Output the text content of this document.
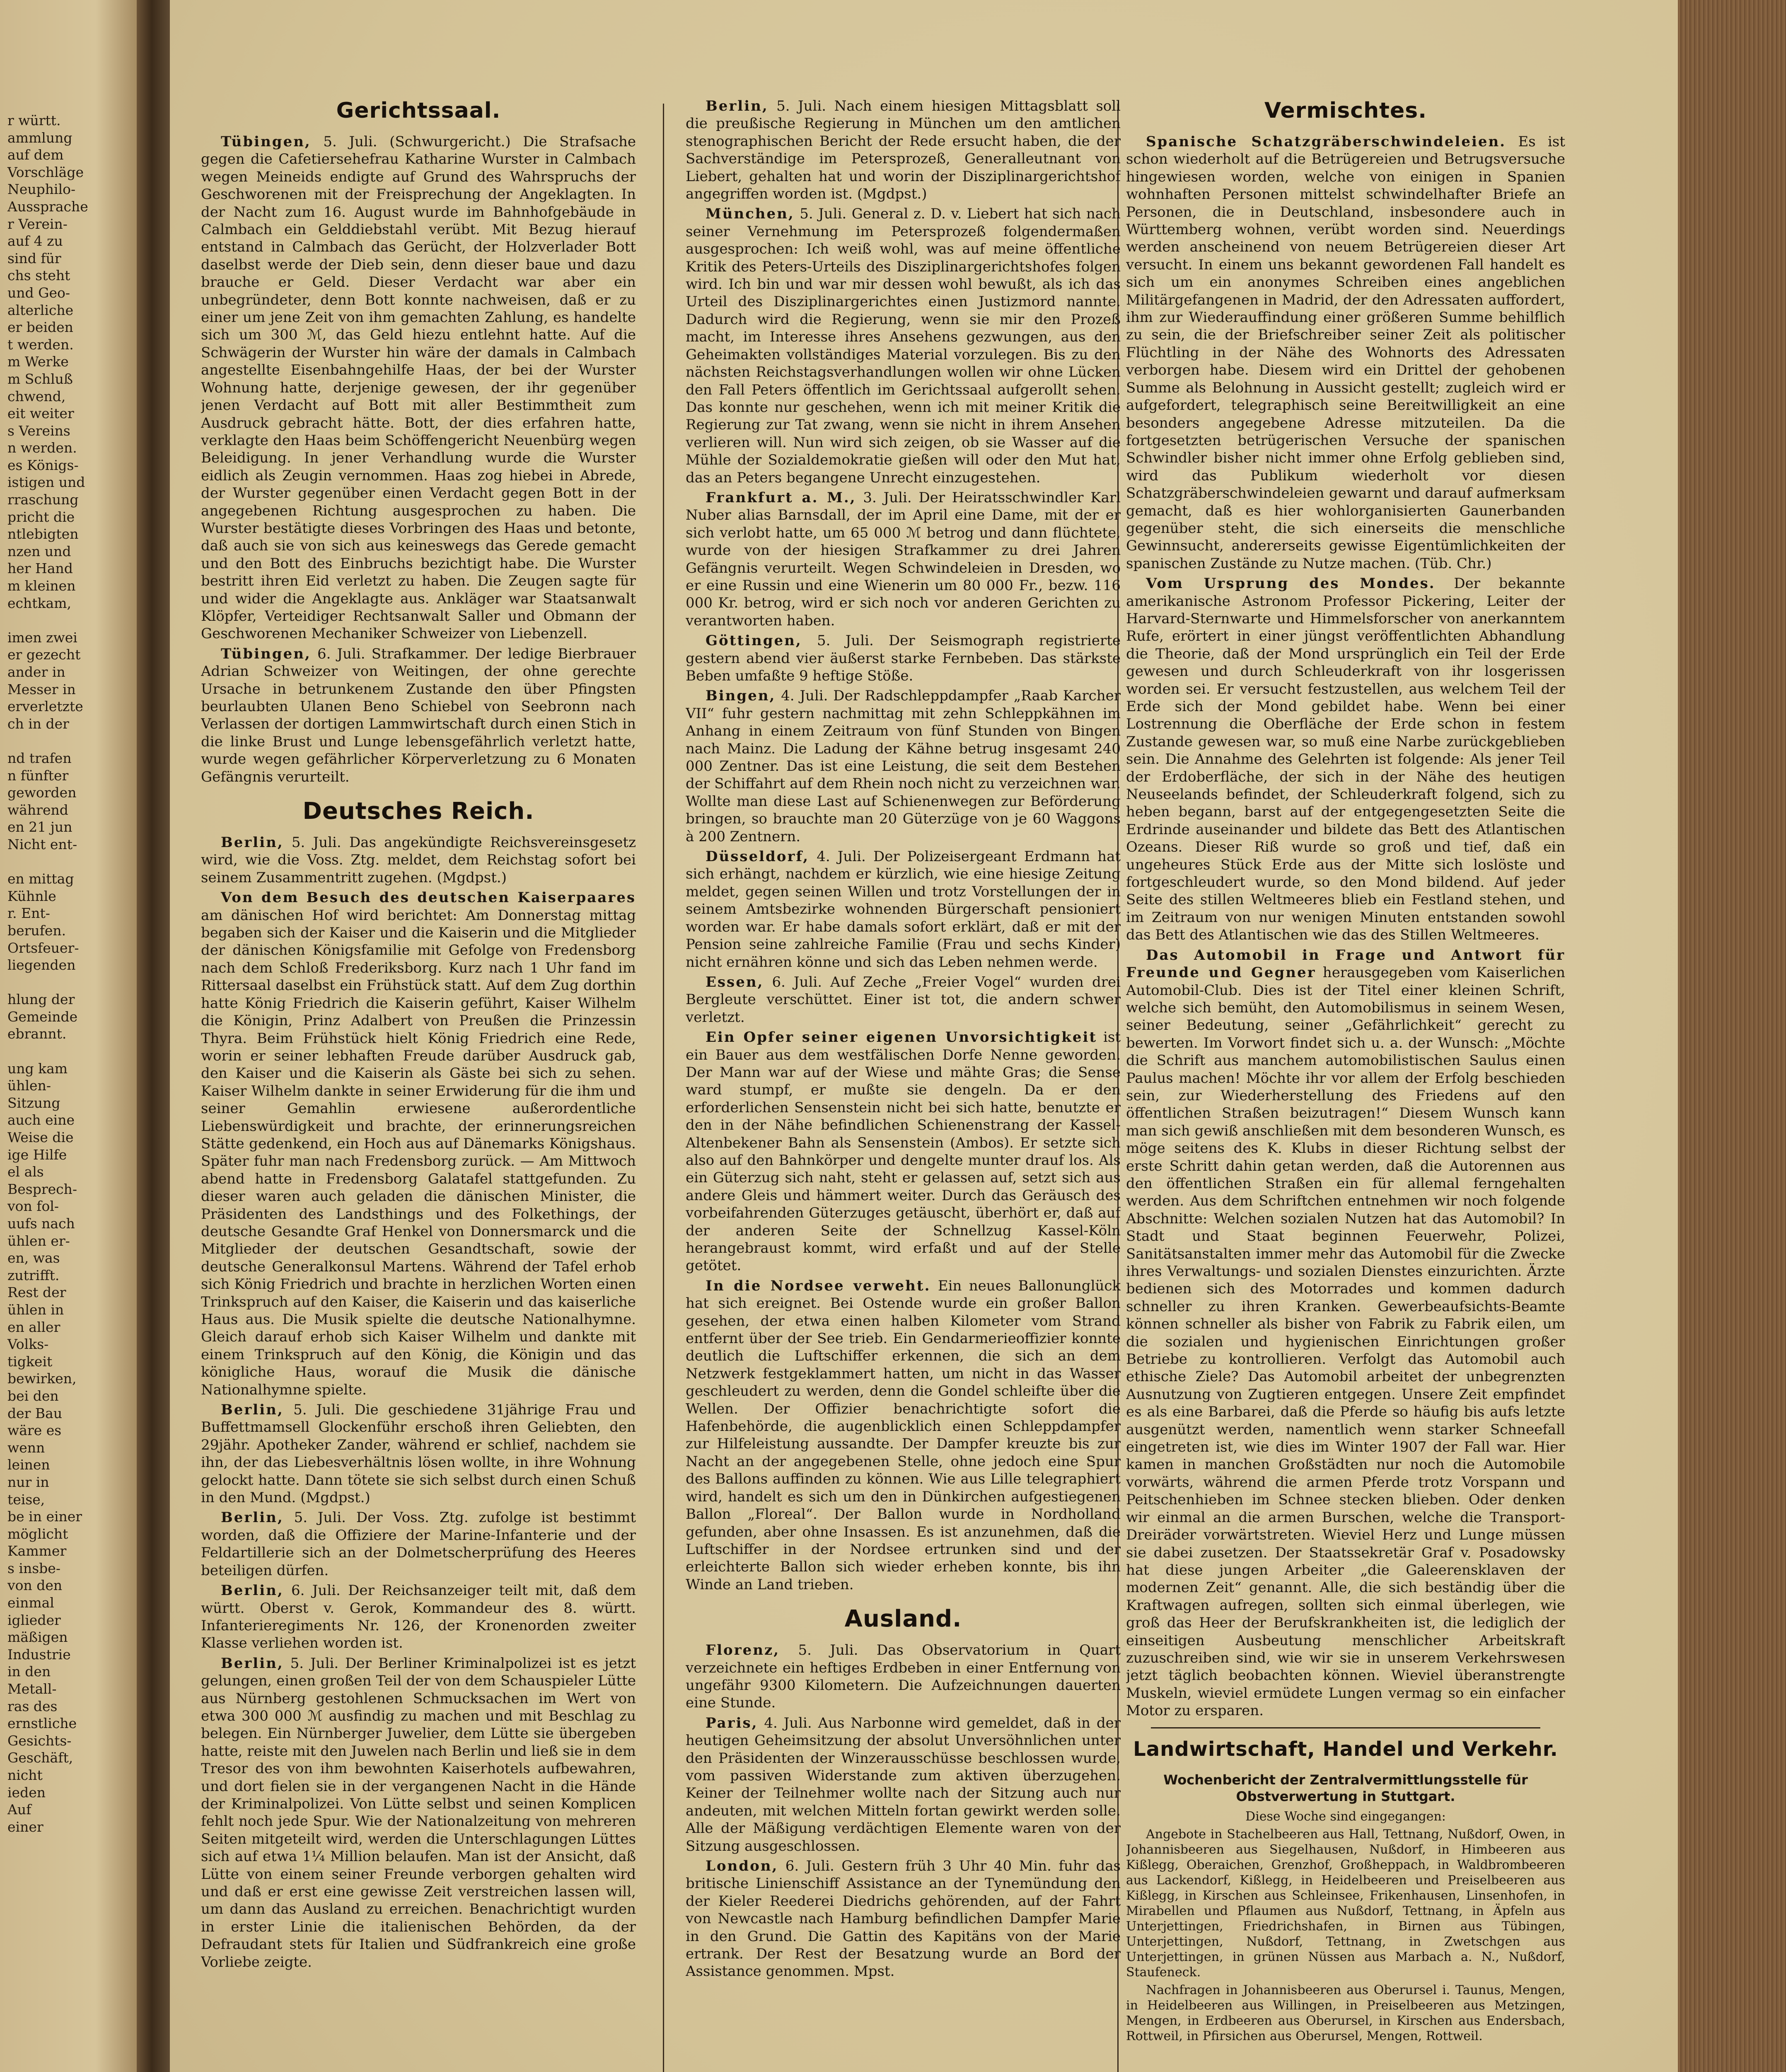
r württ.
ammlung
auf dem
Vorschläge
Neuphilo-
Aussprache
r Verein-
auf 4 zu
sind für
chs steht
und Geo-
alterliche
er beiden
t werden.
m Werke
m Schluß
chwend,
eit weiter
s Vereins
n werden.
es Königs-
istigen und
rraschung
pricht die
ntlebigten
nzen und
her Hand
m kleinen
echtkam,
imen zwei
er gezecht
ander in
Messer in
erverletzte
ch in der
nd trafen
n fünfter
geworden
während
en 21 jun
Nicht ent-
en mittag
Kühnle
r. Ent-
berufen.
Ortsfeuer-
liegenden
hlung der
Gemeinde
ebrannt.
ung kam
ühlen-
Sitzung
auch eine
Weise die
ige Hilfe
el als
Besprech-
von fol-
uufs nach
ühlen er-
en, was
zutrifft.
Rest der
ühlen in
en aller
Volks-
tigkeit
bewirken,
bei den
der Bau
wäre es
wenn
leinen
nur in
teise,
be in einer
möglicht
Kammer
s insbe-
von den
einmal
iglieder
mäßigen
Industrie
in den
Metall-
ras des
ernstliche
Gesichts-
Geschäft,
nicht
ieden
Auf
einer
Gerichtssaal.
Tübingen, 5. Juli. (Schwurgericht.) Die Strafsache gegen die Cafetiersehefrau Katharine Wurster in Calmbach wegen Meineids endigte auf Grund des Wahrspruchs der Geschworenen mit der Freisprechung der Angeklagten. In der Nacht zum 16. August wurde im Bahnhofgebäude in Calmbach ein Gelddiebstahl verübt. Mit Bezug hierauf entstand in Calmbach das Gerücht, der Holzverlader Bott daselbst werde der Dieb sein, denn dieser baue und dazu brauche er Geld. Dieser Verdacht war aber ein unbegründeter, denn Bott konnte nachweisen, daß er zu einer um jene Zeit von ihm gemachten Zahlung, es handelte sich um 300 ℳ, das Geld hiezu entlehnt hatte. Auf die Schwägerin der Wurster hin wäre der damals in Calmbach angestellte Eisenbahngehilfe Haas, der bei der Wurster Wohnung hatte, derjenige gewesen, der ihr gegenüber jenen Verdacht auf Bott mit aller Bestimmtheit zum Ausdruck gebracht hätte. Bott, der dies erfahren hatte, verklagte den Haas beim Schöffengericht Neuenbürg wegen Beleidigung. In jener Verhandlung wurde die Wurster eidlich als Zeugin vernommen. Haas zog hiebei in Abrede, der Wurster gegenüber einen Verdacht gegen Bott in der angegebenen Richtung ausgesprochen zu haben. Die Wurster bestätigte dieses Vorbringen des Haas und betonte, daß auch sie von sich aus keineswegs das Gerede gemacht und den Bott des Einbruchs bezichtigt habe. Die Wurster bestritt ihren Eid verletzt zu haben. Die Zeugen sagte für und wider die Angeklagte aus. Ankläger war Staatsanwalt Klöpfer, Verteidiger Rechtsanwalt Saller und Obmann der Geschworenen Mechaniker Schweizer von Liebenzell.
Tübingen, 6. Juli. Strafkammer. Der ledige Bierbrauer Adrian Schweizer von Weitingen, der ohne gerechte Ursache in betrunkenem Zustande den über Pfingsten beurlaubten Ulanen Beno Schiebel von Seebronn nach Verlassen der dortigen Lammwirtschaft durch einen Stich in die linke Brust und Lunge lebensgefährlich verletzt hatte, wurde wegen gefährlicher Körperverletzung zu 6 Monaten Gefängnis verurteilt.
Deutsches Reich.
Berlin, 5. Juli. Das angekündigte Reichsvereinsgesetz wird, wie die Voss. Ztg. meldet, dem Reichstag sofort bei seinem Zusammentritt zugehen. (Mgdpst.)
Von dem Besuch des deutschen Kaiserpaares am dänischen Hof wird berichtet: Am Donnerstag mittag begaben sich der Kaiser und die Kaiserin und die Mitglieder der dänischen Königsfamilie mit Gefolge von Fredensborg nach dem Schloß Frederiksborg. Kurz nach 1 Uhr fand im Rittersaal daselbst ein Frühstück statt. Auf dem Zug dorthin hatte König Friedrich die Kaiserin geführt, Kaiser Wilhelm die Königin, Prinz Adalbert von Preußen die Prinzessin Thyra. Beim Frühstück hielt König Friedrich eine Rede, worin er seiner lebhaften Freude darüber Ausdruck gab, den Kaiser und die Kaiserin als Gäste bei sich zu sehen. Kaiser Wilhelm dankte in seiner Erwiderung für die ihm und seiner Gemahlin erwiesene außerordentliche Liebenswürdigkeit und brachte, der erinnerungsreichen Stätte gedenkend, ein Hoch aus auf Dänemarks Königshaus. Später fuhr man nach Fredensborg zurück. — Am Mittwoch abend hatte in Fredensborg Galatafel stattgefunden. Zu dieser waren auch geladen die dänischen Minister, die Präsidenten des Landsthings und des Folkethings, der deutsche Gesandte Graf Henkel von Donnersmarck und die Mitglieder der deutschen Gesandtschaft, sowie der deutsche Generalkonsul Martens. Während der Tafel erhob sich König Friedrich und brachte in herzlichen Worten einen Trinkspruch auf den Kaiser, die Kaiserin und das kaiserliche Haus aus. Die Musik spielte die deutsche Nationalhymne. Gleich darauf erhob sich Kaiser Wilhelm und dankte mit einem Trinkspruch auf den König, die Königin und das königliche Haus, worauf die Musik die dänische Nationalhymne spielte.
Berlin, 5. Juli. Die geschiedene 31jährige Frau und Buffettmamsell Glockenführ erschoß ihren Geliebten, den 29jähr. Apotheker Zander, während er schlief, nachdem sie ihn, der das Liebesverhältnis lösen wollte, in ihre Wohnung gelockt hatte. Dann tötete sie sich selbst durch einen Schuß in den Mund. (Mgdpst.)
Berlin, 5. Juli. Der Voss. Ztg. zufolge ist bestimmt worden, daß die Offiziere der Marine-Infanterie und der Feldartillerie sich an der Dolmetscherprüfung des Heeres beteiligen dürfen.
Berlin, 6. Juli. Der Reichsanzeiger teilt mit, daß dem württ. Oberst v. Gerok, Kommandeur des 8. württ. Infanterieregiments Nr. 126, der Kronenorden zweiter Klasse verliehen worden ist.
Berlin, 5. Juli. Der Berliner Kriminalpolizei ist es jetzt gelungen, einen großen Teil der von dem Schauspieler Lütte aus Nürnberg gestohlenen Schmucksachen im Wert von etwa 300 000 ℳ ausfindig zu machen und mit Beschlag zu belegen. Ein Nürnberger Juwelier, dem Lütte sie übergeben hatte, reiste mit den Juwelen nach Berlin und ließ sie in dem Tresor des von ihm bewohnten Kaiserhotels aufbewahren, und dort fielen sie in der vergangenen Nacht in die Hände der Kriminalpolizei. Von Lütte selbst und seinen Komplicen fehlt noch jede Spur. Wie der Nationalzeitung von mehreren Seiten mitgeteilt wird, werden die Unterschlagungen Lüttes sich auf etwa 1¼ Million belaufen. Man ist der Ansicht, daß Lütte von einem seiner Freunde verborgen gehalten wird und daß er erst eine gewisse Zeit verstreichen lassen will, um dann das Ausland zu erreichen. Benachrichtigt wurden in erster Linie die italienischen Behörden, da der Defraudant stets für Italien und Südfrankreich eine große Vorliebe zeigte.
Berlin, 5. Juli. Nach einem hiesigen Mittagsblatt soll die preußische Regierung in München um den amtlichen stenographischen Bericht der Rede ersucht haben, die der Sachverständige im Petersprozeß, Generalleutnant von Liebert, gehalten hat und worin der Disziplinargerichtshof angegriffen worden ist. (Mgdpst.)
München, 5. Juli. General z. D. v. Liebert hat sich nach seiner Vernehmung im Petersprozeß folgendermaßen ausgesprochen: Ich weiß wohl, was auf meine öffentliche Kritik des Peters-Urteils des Disziplinargerichtshofes folgen wird. Ich bin und war mir dessen wohl bewußt, als ich das Urteil des Disziplinargerichtes einen Justizmord nannte. Dadurch wird die Regierung, wenn sie mir den Prozeß macht, im Interesse ihres Ansehens gezwungen, aus den Geheimakten vollständiges Material vorzulegen. Bis zu den nächsten Reichstagsverhandlungen wollen wir ohne Lücken den Fall Peters öffentlich im Gerichtssaal aufgerollt sehen. Das konnte nur geschehen, wenn ich mit meiner Kritik die Regierung zur Tat zwang, wenn sie nicht in ihrem Ansehen verlieren will. Nun wird sich zeigen, ob sie Wasser auf die Mühle der Sozialdemokratie gießen will oder den Mut hat, das an Peters begangene Unrecht einzugestehen.
Frankfurt a. M., 3. Juli. Der Heiratsschwindler Karl Nuber alias Barnsdall, der im April eine Dame, mit der er sich verlobt hatte, um 65 000 ℳ betrog und dann flüchtete, wurde von der hiesigen Strafkammer zu drei Jahren Gefängnis verurteilt. Wegen Schwindeleien in Dresden, wo er eine Russin und eine Wienerin um 80 000 Fr., bezw. 116 000 Kr. betrog, wird er sich noch vor anderen Gerichten zu verantworten haben.
Göttingen, 5. Juli. Der Seismograph registrierte gestern abend vier äußerst starke Fernbeben. Das stärkste Beben umfaßte 9 heftige Stöße.
Bingen, 4. Juli. Der Radschleppdampfer „Raab Karcher VII“ fuhr gestern nachmittag mit zehn Schleppkähnen im Anhang in einem Zeitraum von fünf Stunden von Bingen nach Mainz. Die Ladung der Kähne betrug insgesamt 240 000 Zentner. Das ist eine Leistung, die seit dem Bestehen der Schiffahrt auf dem Rhein noch nicht zu verzeichnen war. Wollte man diese Last auf Schienenwegen zur Beförderung bringen, so brauchte man 20 Güterzüge von je 60 Waggons à 200 Zentnern.
Düsseldorf, 4. Juli. Der Polizeisergeant Erdmann hat sich erhängt, nachdem er kürzlich, wie eine hiesige Zeitung meldet, gegen seinen Willen und trotz Vorstellungen der in seinem Amtsbezirke wohnenden Bürgerschaft pensioniert worden war. Er habe damals sofort erklärt, daß er mit der Pension seine zahlreiche Familie (Frau und sechs Kinder) nicht ernähren könne und sich das Leben nehmen werde.
Essen, 6. Juli. Auf Zeche „Freier Vogel“ wurden drei Bergleute verschüttet. Einer ist tot, die andern schwer verletzt.
Ein Opfer seiner eigenen Unvorsichtigkeit ist ein Bauer aus dem westfälischen Dorfe Nenne geworden. Der Mann war auf der Wiese und mähte Gras; die Sense ward stumpf, er mußte sie dengeln. Da er den erforderlichen Sensenstein nicht bei sich hatte, benutzte er den in der Nähe befindlichen Schienenstrang der Kassel-Altenbekener Bahn als Sensenstein (Ambos). Er setzte sich also auf den Bahnkörper und dengelte munter drauf los. Als ein Güterzug sich naht, steht er gelassen auf, setzt sich aus andere Gleis und hämmert weiter. Durch das Geräusch des vorbeifahrenden Güterzuges getäuscht, überhört er, daß auf der anderen Seite der Schnellzug Kassel-Köln herangebraust kommt, wird erfaßt und auf der Stelle getötet.
In die Nordsee verweht. Ein neues Ballonunglück hat sich ereignet. Bei Ostende wurde ein großer Ballon gesehen, der etwa einen halben Kilometer vom Strand entfernt über der See trieb. Ein Gendarmerieoffizier konnte deutlich die Luftschiffer erkennen, die sich an dem Netzwerk festgeklammert hatten, um nicht in das Wasser geschleudert zu werden, denn die Gondel schleifte über die Wellen. Der Offizier benachrichtigte sofort die Hafenbehörde, die augenblicklich einen Schleppdampfer zur Hilfeleistung aussandte. Der Dampfer kreuzte bis zur Nacht an der angegebenen Stelle, ohne jedoch eine Spur des Ballons auffinden zu können. Wie aus Lille telegraphiert wird, handelt es sich um den in Dünkirchen aufgestiegenen Ballon „Floreal“. Der Ballon wurde in Nordholland gefunden, aber ohne Insassen. Es ist anzunehmen, daß die Luftschiffer in der Nordsee ertrunken sind und der erleichterte Ballon sich wieder erheben konnte, bis ihn Winde an Land trieben.
Ausland.
Florenz, 5. Juli. Das Observatorium in Quart verzeichnete ein heftiges Erdbeben in einer Entfernung von ungefähr 9300 Kilometern. Die Aufzeichnungen dauerten eine Stunde.
Paris, 4. Juli. Aus Narbonne wird gemeldet, daß in der heutigen Geheimsitzung der absolut Unversöhnlichen unter den Präsidenten der Winzerausschüsse beschlossen wurde, vom passiven Widerstande zum aktiven überzugehen. Keiner der Teilnehmer wollte nach der Sitzung auch nur andeuten, mit welchen Mitteln fortan gewirkt werden solle. Alle der Mäßigung verdächtigen Elemente waren von der Sitzung ausgeschlossen.
London, 6. Juli. Gestern früh 3 Uhr 40 Min. fuhr das britische Linienschiff Assistance an der Tynemündung den der Kieler Reederei Diedrichs gehörenden, auf der Fahrt von Newcastle nach Hamburg befindlichen Dampfer Marie in den Grund. Die Gattin des Kapitäns von der Marie ertrank. Der Rest der Besatzung wurde an Bord der Assistance genommen. Mpst.
Vermischtes.
Spanische Schatzgräberschwindeleien. Es ist schon wiederholt auf die Betrügereien und Betrugsversuche hingewiesen worden, welche von einigen in Spanien wohnhaften Personen mittelst schwindelhafter Briefe an Personen, die in Deutschland, insbesondere auch in Württemberg wohnen, verübt worden sind. Neuerdings werden anscheinend von neuem Betrügereien dieser Art versucht. In einem uns bekannt gewordenen Fall handelt es sich um ein anonymes Schreiben eines angeblichen Militärgefangenen in Madrid, der den Adressaten auffordert, ihm zur Wiederauffindung einer größeren Summe behilflich zu sein, die der Briefschreiber seiner Zeit als politischer Flüchtling in der Nähe des Wohnorts des Adressaten verborgen habe. Diesem wird ein Drittel der gehobenen Summe als Belohnung in Aussicht gestellt; zugleich wird er aufgefordert, telegraphisch seine Bereitwilligkeit an eine besonders angegebene Adresse mitzuteilen. Da die fortgesetzten betrügerischen Versuche der spanischen Schwindler bisher nicht immer ohne Erfolg geblieben sind, wird das Publikum wiederholt vor diesen Schatzgräberschwindeleien gewarnt und darauf aufmerksam gemacht, daß es hier wohlorganisierten Gaunerbanden gegenüber steht, die sich einerseits die menschliche Gewinnsucht, andererseits gewisse Eigentümlichkeiten der spanischen Zustände zu Nutze machen. (Tüb. Chr.)
Vom Ursprung des Mondes. Der bekannte amerikanische Astronom Professor Pickering, Leiter der Harvard-Sternwarte und Himmelsforscher von anerkanntem Rufe, erörtert in einer jüngst veröffentlichten Abhandlung die Theorie, daß der Mond ursprünglich ein Teil der Erde gewesen und durch Schleuderkraft von ihr losgerissen worden sei. Er versucht festzustellen, aus welchem Teil der Erde sich der Mond gebildet habe. Wenn bei einer Lostrennung die Oberfläche der Erde schon in festem Zustande gewesen war, so muß eine Narbe zurückgeblieben sein. Die Annahme des Gelehrten ist folgende: Als jener Teil der Erdoberfläche, der sich in der Nähe des heutigen Neuseelands befindet, der Schleuderkraft folgend, sich zu heben begann, barst auf der entgegengesetzten Seite die Erdrinde auseinander und bildete das Bett des Atlantischen Ozeans. Dieser Riß wurde so groß und tief, daß ein ungeheures Stück Erde aus der Mitte sich loslöste und fortgeschleudert wurde, so den Mond bildend. Auf jeder Seite des stillen Weltmeeres blieb ein Festland stehen, und im Zeitraum von nur wenigen Minuten entstanden sowohl das Bett des Atlantischen wie das des Stillen Weltmeeres.
Das Automobil in Frage und Antwort für Freunde und Gegner herausgegeben vom Kaiserlichen Automobil-Club. Dies ist der Titel einer kleinen Schrift, welche sich bemüht, den Automobilismus in seinem Wesen, seiner Bedeutung, seiner „Gefährlichkeit“ gerecht zu bewerten. Im Vorwort findet sich u. a. der Wunsch: „Möchte die Schrift aus manchem automobilistischen Saulus einen Paulus machen! Möchte ihr vor allem der Erfolg beschieden sein, zur Wiederherstellung des Friedens auf den öffentlichen Straßen beizutragen!“ Diesem Wunsch kann man sich gewiß anschließen mit dem besonderen Wunsch, es möge seitens des K. Klubs in dieser Richtung selbst der erste Schritt dahin getan werden, daß die Autorennen aus den öffentlichen Straßen ein für allemal ferngehalten werden. Aus dem Schriftchen entnehmen wir noch folgende Abschnitte: Welchen sozialen Nutzen hat das Automobil? In Stadt und Staat beginnen Feuerwehr, Polizei, Sanitätsanstalten immer mehr das Automobil für die Zwecke ihres Verwaltungs- und sozialen Dienstes einzurichten. Ärzte bedienen sich des Motorrades und kommen dadurch schneller zu ihren Kranken. Gewerbeaufsichts-Beamte können schneller als bisher von Fabrik zu Fabrik eilen, um die sozialen und hygienischen Einrichtungen großer Betriebe zu kontrollieren. Verfolgt das Automobil auch ethische Ziele? Das Automobil arbeitet der unbegrenzten Ausnutzung von Zugtieren entgegen. Unsere Zeit empfindet es als eine Barbarei, daß die Pferde so häufig bis aufs letzte ausgenützt werden, namentlich wenn starker Schneefall eingetreten ist, wie dies im Winter 1907 der Fall war. Hier kamen in manchen Großstädten nur noch die Automobile vorwärts, während die armen Pferde trotz Vorspann und Peitschenhieben im Schnee stecken blieben. Oder denken wir einmal an die armen Burschen, welche die Transport-Dreiräder vorwärtstreten. Wieviel Herz und Lunge müssen sie dabei zusetzen. Der Staatssekretär Graf v. Posadowsky hat diese jungen Arbeiter „die Galeerensklaven der modernen Zeit“ genannt. Alle, die sich beständig über die Kraftwagen aufregen, sollten sich einmal überlegen, wie groß das Heer der Berufskrankheiten ist, die lediglich der einseitigen Ausbeutung menschlicher Arbeitskraft zuzuschreiben sind, wie wir sie in unserem Verkehrswesen jetzt täglich beobachten können. Wieviel überanstrengte Muskeln, wieviel ermüdete Lungen vermag so ein einfacher Motor zu ersparen.
Landwirtschaft, Handel und Verkehr.
Wochenbericht der Zentralvermittlungsstelle für Obstverwertung in Stuttgart.
Diese Woche sind eingegangen:
Angebote in Stachelbeeren aus Hall, Tettnang, Nußdorf, Owen, in Johannisbeeren aus Siegelhausen, Nußdorf, in Himbeeren aus Kißlegg, Oberaichen, Grenzhof, Großheppach, in Waldbrombeeren aus Lackendorf, Kißlegg, in Heidelbeeren und Preiselbeeren aus Kißlegg, in Kirschen aus Schleinsee, Frikenhausen, Linsenhofen, in Mirabellen und Pflaumen aus Nußdorf, Tettnang, in Äpfeln aus Unterjettingen, Friedrichshafen, in Birnen aus Tübingen, Unterjettingen, Nußdorf, Tettnang, in Zwetschgen aus Unterjettingen, in grünen Nüssen aus Marbach a. N., Nußdorf, Staufeneck.
Nachfragen in Johannisbeeren aus Oberursel i. Taunus, Mengen, in Heidelbeeren aus Willingen, in Preiselbeeren aus Metzingen, Mengen, in Erdbeeren aus Oberursel, in Kirschen aus Endersbach, Rottweil, in Pfirsichen aus Oberursel, Mengen, Rottweil.
